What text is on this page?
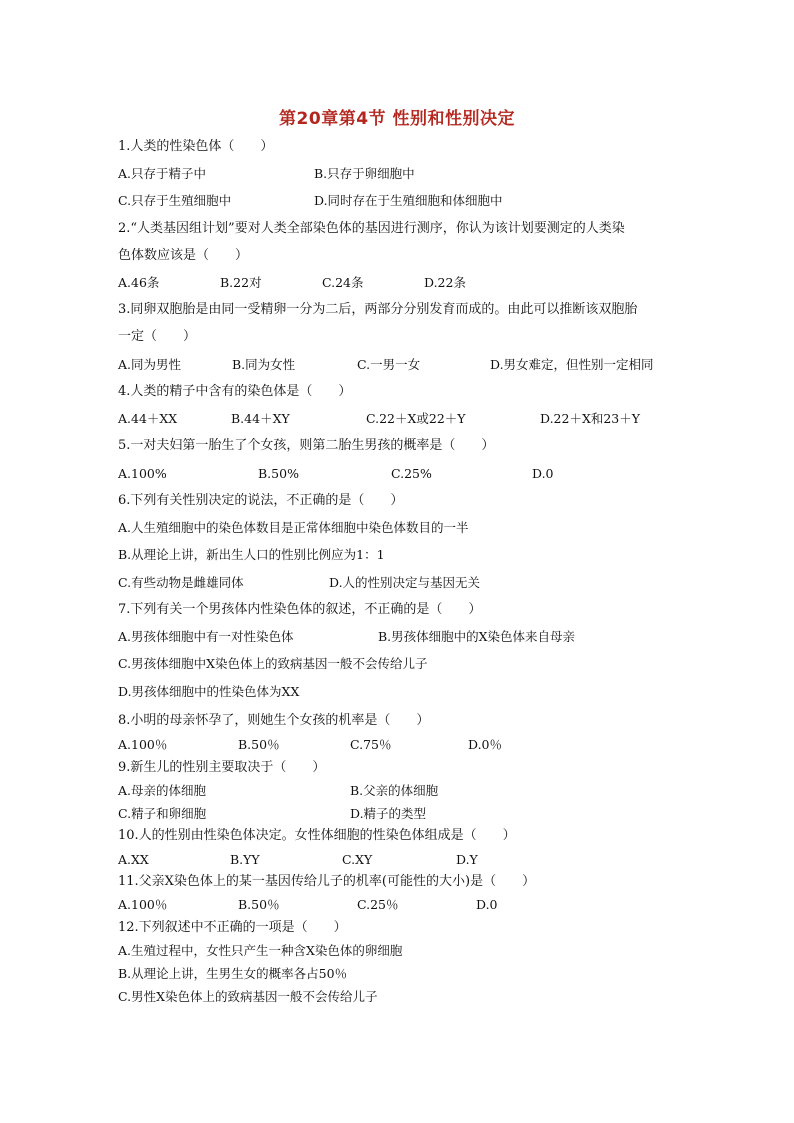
第20章第4节 性别和性别决定
1.人类的性染色体（　　）
A.只存于精子中	B.只存于卵细胞中
C.只存于生殖细胞中	D.同时存在于生殖细胞和体细胞中
2.“人类基因组计划”要对人类全部染色体的基因进行测序，你认为该计划要测定的人类染
色体数应该是（　　）
A.46条	B.22对	C.24条	D.22条
3.同卵双胞胎是由同一受精卵一分为二后，两部分分别发育而成的。由此可以推断该双胞胎
一定（　　）
A.同为男性	B.同为女性	C.一男一女	D.男女难定，但性别一定相同
4.人类的精子中含有的染色体是（　　）
A.44＋XX	B.44＋XY	C.22＋X或22＋Y	D.22＋X和23＋Y
5.一对夫妇第一胎生了个女孩，则第二胎生男孩的概率是（　　）
A.100%	B.50%	C.25%	D.0
6.下列有关性别决定的说法，不正确的是（　　）
A.人生殖细胞中的染色体数目是正常体细胞中染色体数目的一半
B.从理论上讲，新出生人口的性别比例应为1：1
C.有些动物是雌雄同体	D.人的性别决定与基因无关
7.下列有关一个男孩体内性染色体的叙述，不正确的是（　　）
A.男孩体细胞中有一对性染色体	B.男孩体细胞中的X染色体来自母亲
C.男孩体细胞中X染色体上的致病基因一般不会传给儿子
D.男孩体细胞中的性染色体为XX
8.小明的母亲怀孕了，则她生个女孩的机率是（　　）
A.100％	B.50％	C.75％	D.0％
9.新生儿的性别主要取决于（　　）
A.母亲的体细胞	B.父亲的体细胞
C.精子和卵细胞	D.精子的类型
10.人的性别由性染色体决定。女性体细胞的性染色体组成是（　　）
A.XX	B.YY	C.XY	D.Y
11.父亲X染色体上的某一基因传给儿子的机率(可能性的大小)是（　　）
A.100％	B.50％	C.25％	D.0
12.下列叙述中不正确的一项是（　　）
A.生殖过程中，女性只产生一种含X染色体的卵细胞
B.从理论上讲，生男生女的概率各占50％
C.男性X染色体上的致病基因一般不会传给儿子
